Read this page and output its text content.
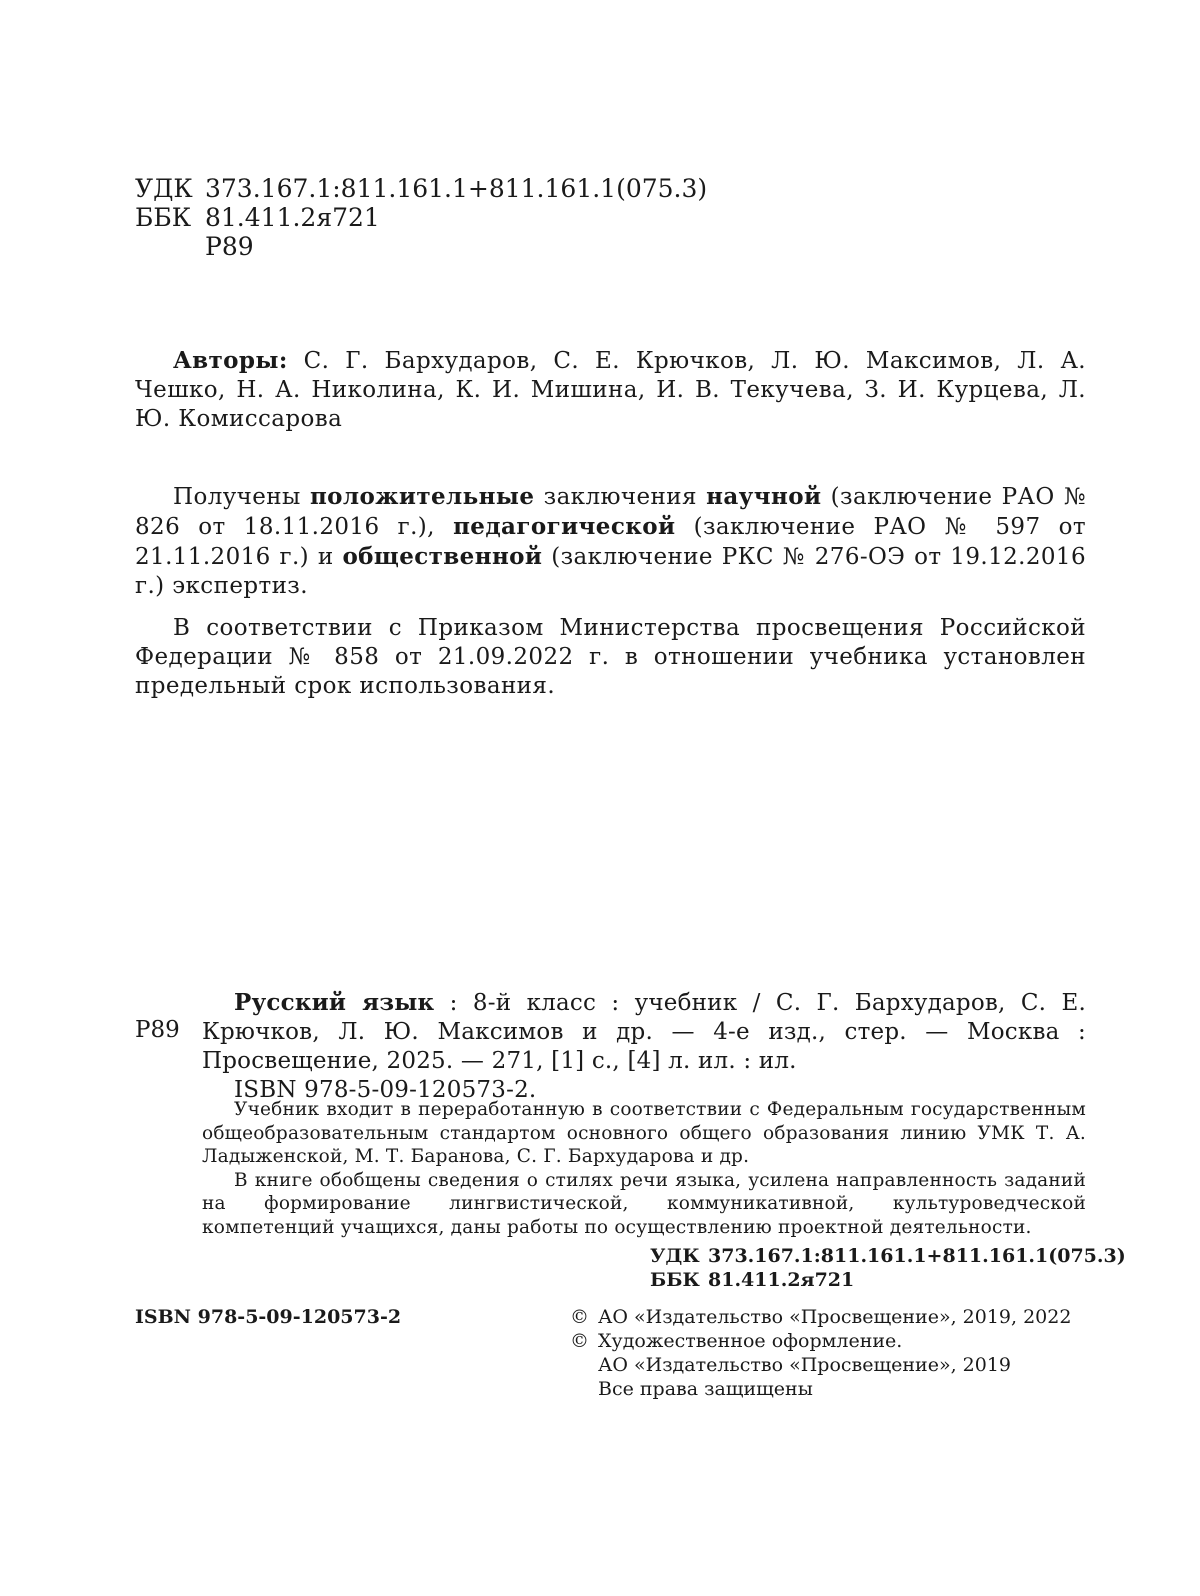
УДК 373.167.1:811.161.1+811.161.1(075.3)
ББК 81.411.2я721
Р89
Авторы: С. Г. Бархударов, С. Е. Крючков, Л. Ю. Максимов, Л. А. Чешко, Н. А. Николина, К. И. Мишина, И. В. Текучева, З. И. Курцева, Л. Ю. Комиссарова
Получены положительные заключения научной (заключение РАО № 826 от 18.11.2016 г.), педагогической (заключение РАО № 597 от 21.11.2016 г.) и общественной (заключение РКС № 276-ОЭ от 19.12.2016 г.) экспертиз.
В соответствии с Приказом Министерства просвещения Российской Федерации № 858 от 21.09.2022 г. в отношении учебника установлен предельный срок использования.
Р89
Русский язык : 8-й класс : учебник / С. Г. Бархударов, С. Е. Крючков, Л. Ю. Максимов и др. — 4-е изд., стер. — Москва : Просвещение, 2025. — 271, [1] с., [4] л. ил. : ил.
ISBN 978-5-09-120573-2.

Учебник входит в переработанную в соответствии с Федеральным государственным общеобразовательным стандартом основного общего образования линию УМК Т. А. Ладыженской, М. Т. Баранова, С. Г. Бархударова и др.

В книге обобщены сведения о стилях речи языка, усилена направленность заданий на формирование лингвистической, коммуникативной, культуроведческой компетенций учащихся, даны работы по осуществлению проектной деятельности.

УДК 373.167.1:811.161.1+811.161.1(075.3)
ББК 81.411.2я721
ISBN 978-5-09-120573-2	© АО «Издательство «Просвещение», 2019, 2022
© Художественное оформление.
АО «Издательство «Просвещение», 2019
Все права защищены
